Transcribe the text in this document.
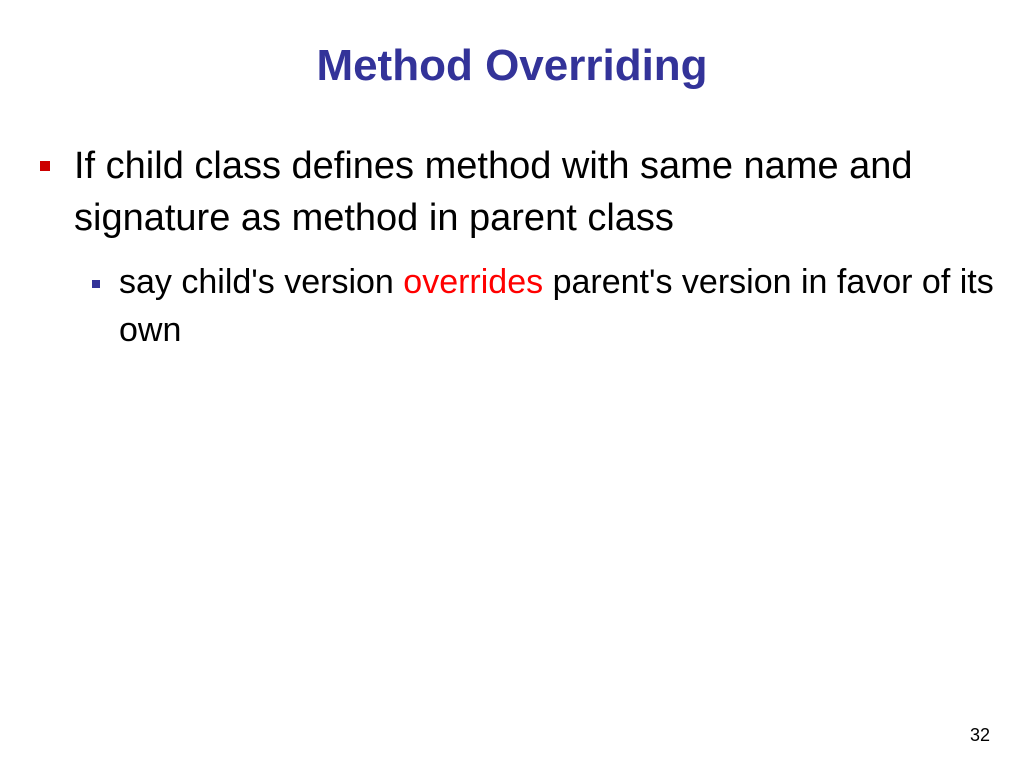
Method Overriding
If child class defines method with same name and signature as method in parent class
say child's version overrides parent's version in favor of its own
32
